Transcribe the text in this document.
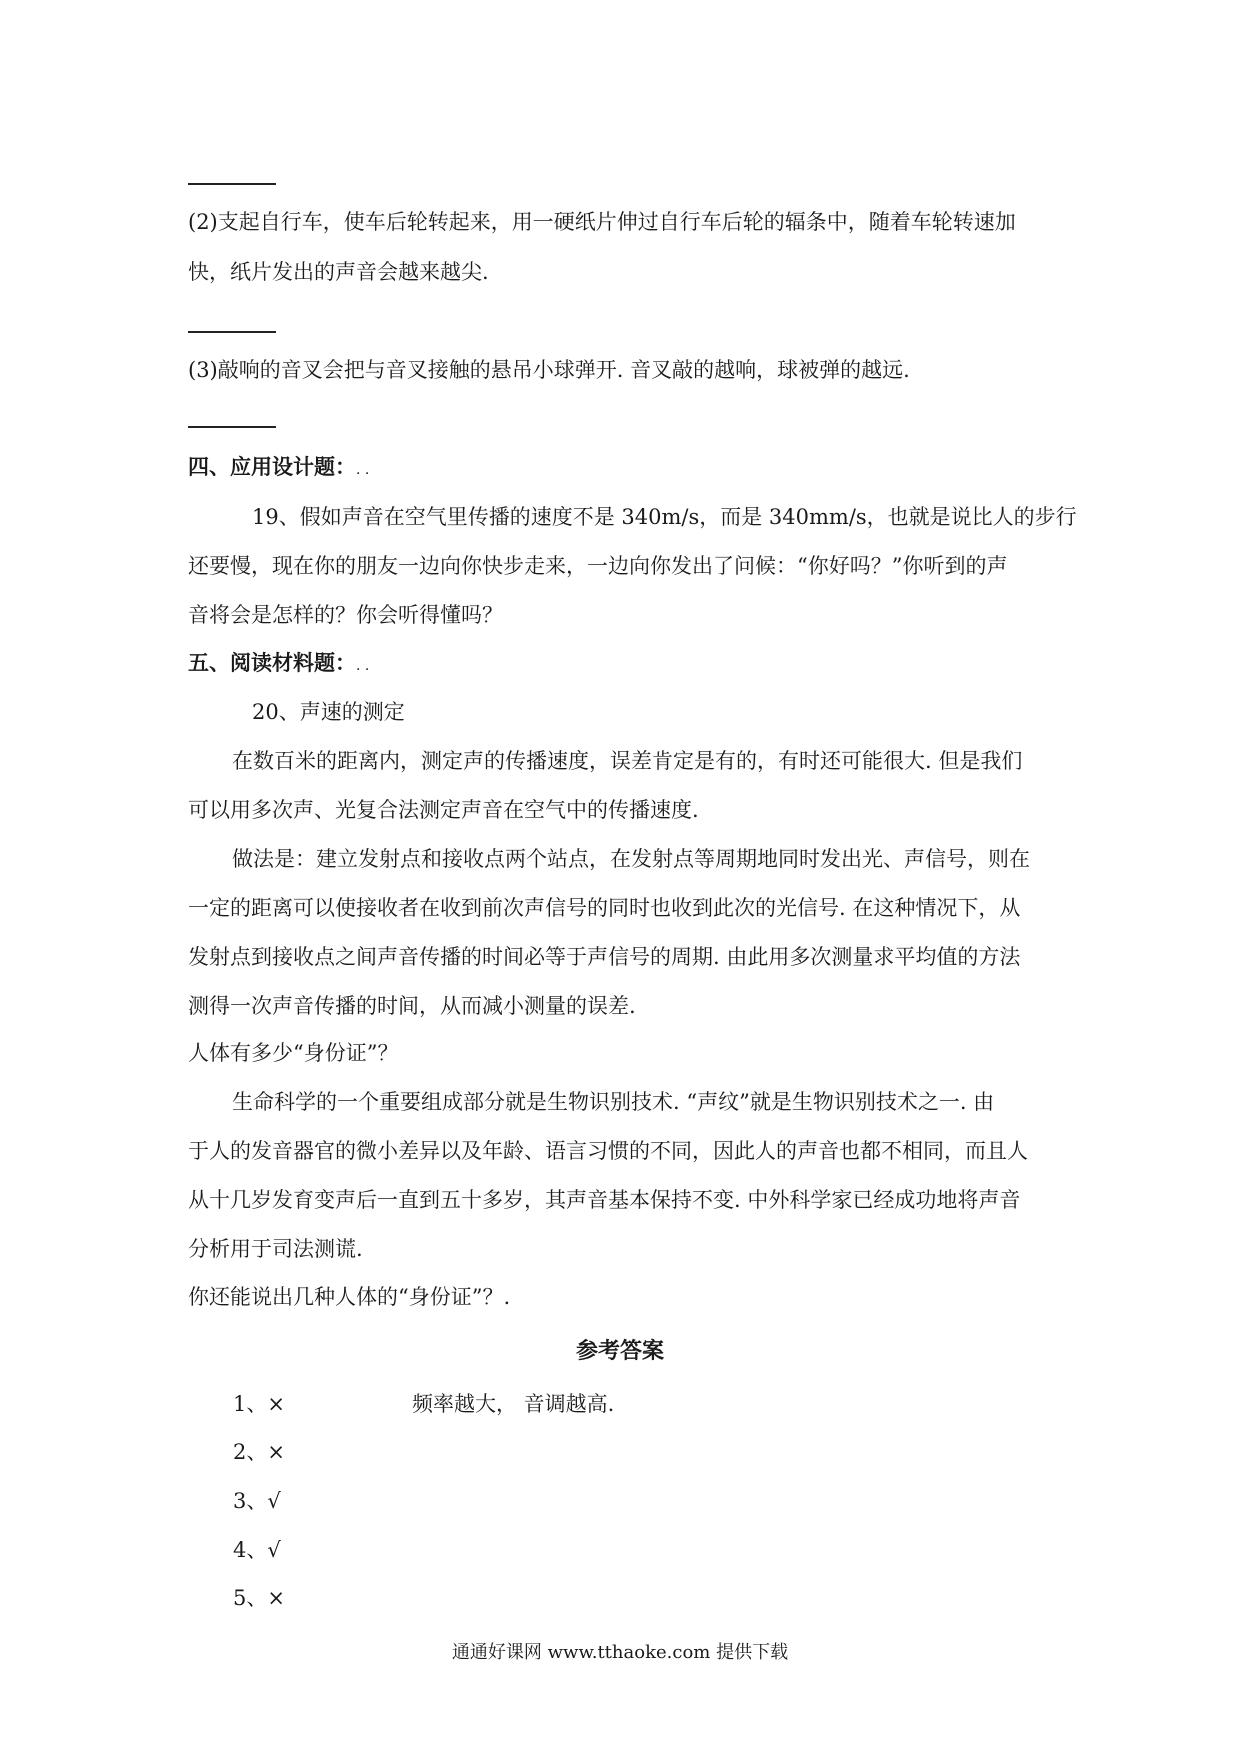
(2)支起自行车，使车后轮转起来，用一硬纸片伸过自行车后轮的辐条中，随着车轮转速加
快，纸片发出的声音会越来越尖.
(3)敲响的音叉会把与音叉接触的悬吊小球弹开. 音叉敲的越响，球被弹的越远.
四、应用设计题：. .
19、假如声音在空气里传播的速度不是 340m/s，而是 340mm/s，也就是说比人的步行
还要慢，现在你的朋友一边向你快步走来，一边向你发出了问候：“你好吗？”你听到的声
音将会是怎样的？你会听得懂吗？
五、阅读材料题：. .
20、声速的测定
在数百米的距离内，测定声的传播速度，误差肯定是有的，有时还可能很大. 但是我们
可以用多次声、光复合法测定声音在空气中的传播速度.
做法是：建立发射点和接收点两个站点，在发射点等周期地同时发出光、声信号，则在
一定的距离可以使接收者在收到前次声信号的同时也收到此次的光信号. 在这种情况下，从
发射点到接收点之间声音传播的时间必等于声信号的周期. 由此用多次测量求平均值的方法
测得一次声音传播的时间，从而减小测量的误差.
人体有多少“身份证”？
生命科学的一个重要组成部分就是生物识别技术. “声纹”就是生物识别技术之一. 由
于人的发音器官的微小差异以及年龄、语言习惯的不同，因此人的声音也都不相同，而且人
从十几岁发育变声后一直到五十多岁，其声音基本保持不变. 中外科学家已经成功地将声音
分析用于司法测谎.
你还能说出几种人体的“身份证”？.
参考答案
1、×	频率越大， 音调越高.
2、×
3、√
4、√
5、×
通通好课网 www.tthaoke.com 提供下载
